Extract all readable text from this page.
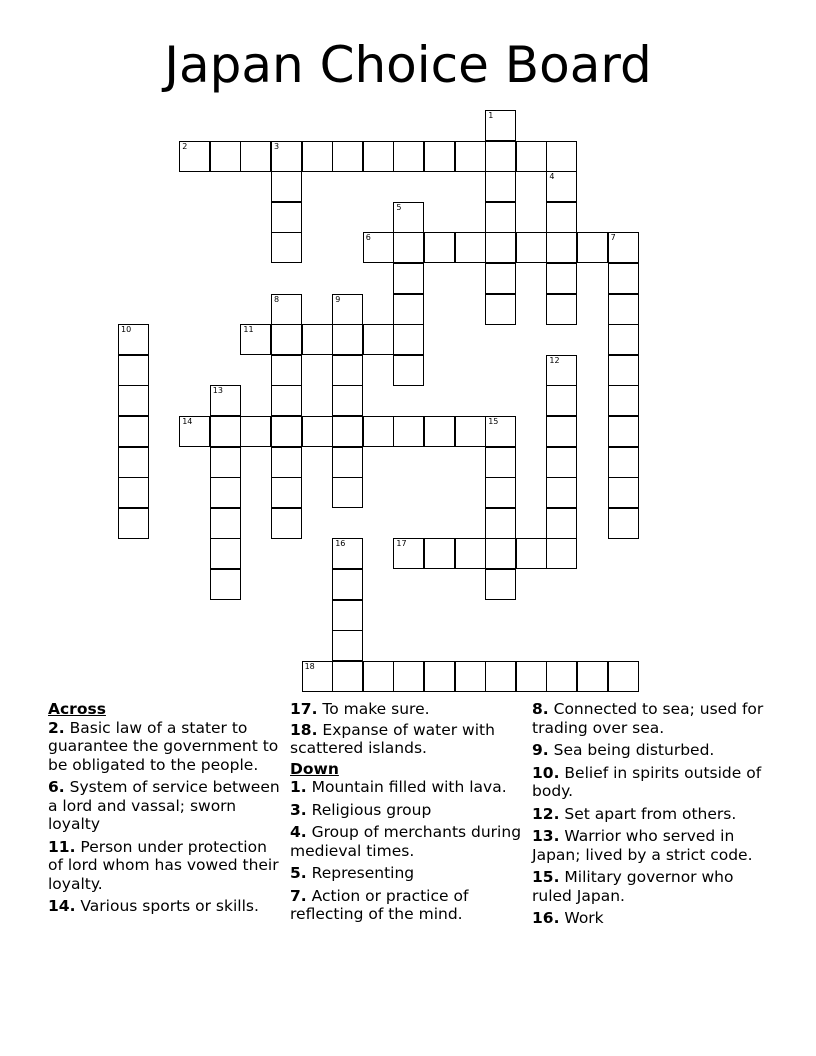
Japan Choice Board
1
2	3
4
5
6	7
8	9
10	11
12
13
14	15
16	17
18
Across
2. Basic law of a stater to guarantee the government to be obligated to the people.
6. System of service between a lord and vassal; sworn loyalty
11. Person under protection of lord whom has vowed their loyalty.
14. Various sports or skills.
17. To make sure.
18. Expanse of water with scattered islands.
Down
1. Mountain filled with lava.
3. Religious group
4. Group of merchants during medieval times.
5. Representing
7. Action or practice of reflecting of the mind.
8. Connected to sea; used for trading over sea.
9. Sea being disturbed.
10. Belief in spirits outside of body.
12. Set apart from others.
13. Warrior who served in Japan; lived by a strict code.
15. Military governor who ruled Japan.
16. Work
